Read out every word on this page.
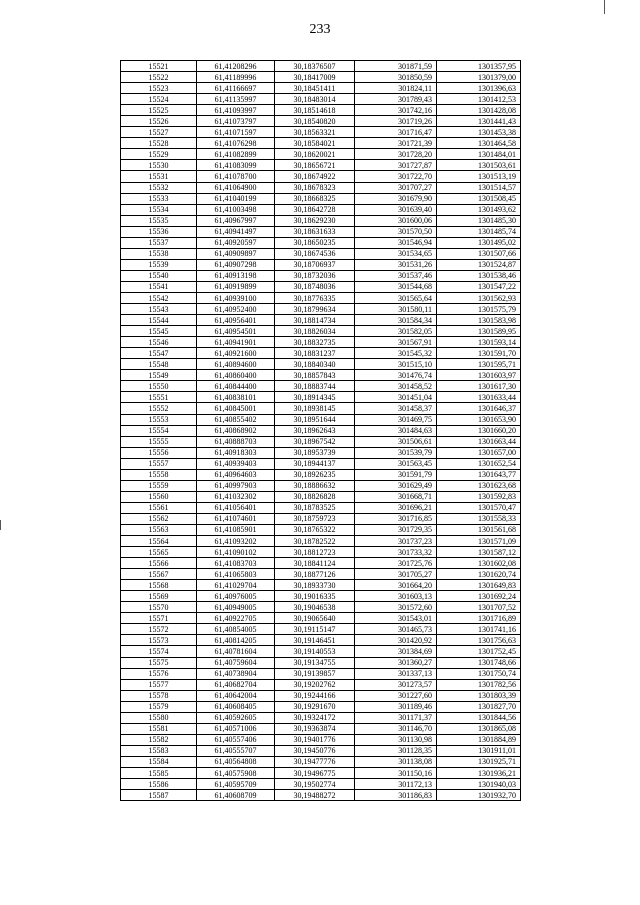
233
15521	61,41208296	30,18376507	301871,59	1301357,95
15522	61,41189996	30,18417009	301850,59	1301379,00
15523	61,41166697	30,18451411	301824,11	1301396,63
15524	61,41135997	30,18483014	301789,43	1301412,53
15525	61,41093997	30,18514618	301742,16	1301428,08
15526	61,41073797	30,18540820	301719,26	1301441,43
15527	61,41071597	30,18563321	301716,47	1301453,38
15528	61,41076298	30,18584021	301721,39	1301464,58
15529	61,41082899	30,18620021	301728,20	1301484,01
15530	61,41083099	30,18656721	301727,87	1301503,61
15531	61,41078700	30,18674922	301722,70	1301513,19
15532	61,41064900	30,18678323	301707,27	1301514,57
15533	61,41040199	30,18668325	301679,90	1301508,45
15534	61,41003498	30,18642728	301639,40	1301493,62
15535	61,40967997	30,18629230	301600,06	1301485,30
15536	61,40941497	30,18631633	301570,50	1301485,74
15537	61,40920597	30,18650235	301546,94	1301495,02
15538	61,40909897	30,18674536	301534,65	1301507,66
15539	61,40907298	30,18706937	301531,26	1301524,87
15540	61,40913198	30,18732036	301537,46	1301538,46
15541	61,40919899	30,18748036	301544,68	1301547,22
15542	61,40939100	30,18776335	301565,64	1301562,93
15543	61,40952400	30,18799634	301580,11	1301575,79
15544	61,40956401	30,18814734	301584,34	1301583,98
15545	61,40954501	30,18826034	301582,05	1301589,95
15546	61,40941901	30,18832735	301567,91	1301593,14
15547	61,40921600	30,18831237	301545,32	1301591,70
15548	61,40894600	30,18840340	301515,10	1301595,71
15549	61,40860400	30,18857843	301476,74	1301603,97
15550	61,40844400	30,18883744	301458,52	1301617,30
15551	61,40838101	30,18914345	301451,04	1301633,44
15552	61,40845001	30,18938145	301458,37	1301646,37
15553	61,40855402	30,18951644	301469,75	1301653,90
15554	61,40868902	30,18962643	301484,63	1301660,20
15555	61,40888703	30,18967542	301506,61	1301663,44
15556	61,40918303	30,18953739	301539,79	1301657,00
15557	61,40939403	30,18944137	301563,45	1301652,54
15558	61,40964603	30,18926235	301591,79	1301643,77
15559	61,40997903	30,18886632	301629,49	1301623,68
15560	61,41032302	30,18826828	301668,71	1301592,83
15561	61,41056401	30,18783525	301696,21	1301570,47
15562	61,41074601	30,18759723	301716,85	1301558,33
15563	61,41085901	30,18765322	301729,35	1301561,68
15564	61,41093202	30,18782522	301737,23	1301571,09
15565	61,41090102	30,18812723	301733,32	1301587,12
15566	61,41083703	30,18841124	301725,76	1301602,08
15567	61,41065803	30,18877126	301705,27	1301620,74
15568	61,41029704	30,18933730	301664,20	1301649,83
15569	61,40976005	30,19016335	301603,13	1301692,24
15570	61,40949005	30,19046538	301572,60	1301707,52
15571	61,40922705	30,19065640	301543,01	1301716,89
15572	61,40854005	30,19115147	301465,73	1301741,16
15573	61,40814205	30,19146451	301420,92	1301756,63
15574	61,40781604	30,19140553	301384,69	1301752,45
15575	61,40759604	30,19134755	301360,27	1301748,66
15576	61,40738904	30,19139857	301337,13	1301750,74
15577	61,40682704	30,19202762	301273,57	1301782,56
15578	61,40642004	30,19244166	301227,60	1301803,39
15579	61,40608405	30,19291670	301189,46	1301827,70
15580	61,40592605	30,19324172	301171,37	1301844,56
15581	61,40571006	30,19363874	301146,70	1301865,08
15582	61,40557406	30,19401776	301130,98	1301884,89
15583	61,40555707	30,19450776	301128,35	1301911,01
15584	61,40564808	30,19477776	301138,08	1301925,71
15585	61,40575908	30,19496775	301150,16	1301936,21
15586	61,40595709	30,19502774	301172,13	1301940,03
15587	61,40608709	30,19488272	301186,83	1301932,70
